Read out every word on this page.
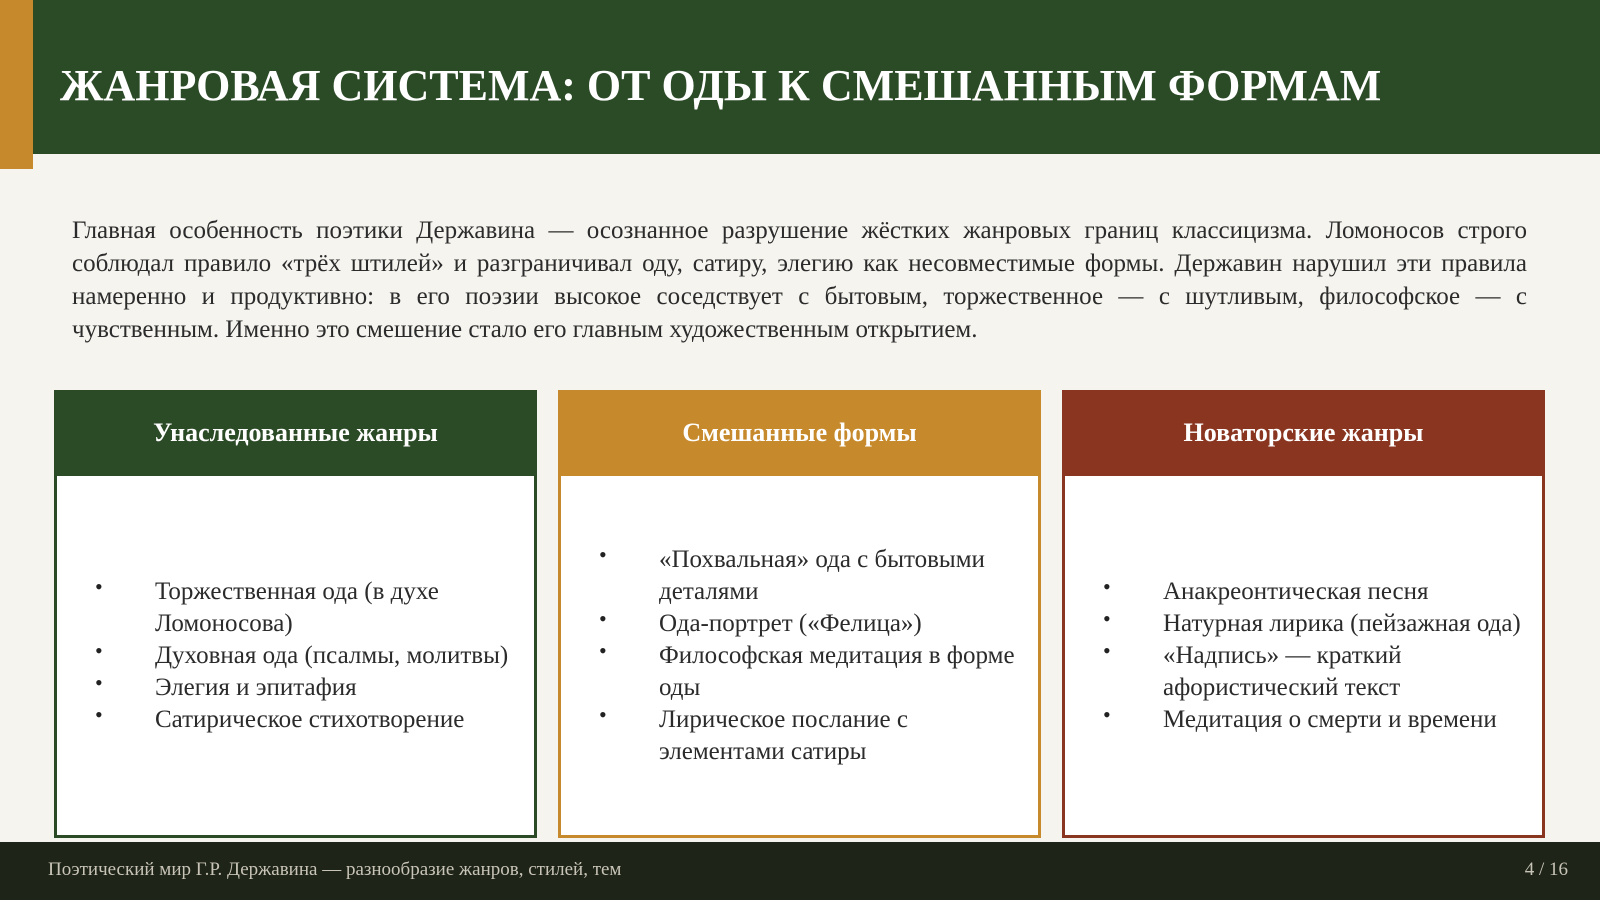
ЖАНРОВАЯ СИСТЕМА: ОТ ОДЫ К СМЕШАННЫМ ФОРМАМ

Главная особенность поэтики Державина — осознанное разрушение жёстких жанровых границ классицизма. Ломоносов строго соблюдал правило «трёх штилей» и разграничивал оду, сатиру, элегию как несовместимые формы. Державин нарушил эти правила намеренно и продуктивно: в его поэзии высокое соседствует с бытовым, торжественное — с шутливым, философское — с чувственным. Именно это смешение стало его главным художественным открытием.

Унаследованные жанры
• Торжественная ода (в духе Ломоносова)
• Духовная ода (псалмы, молитвы)
• Элегия и эпитафия
• Сатирическое стихотворение
Смешанные формы
• «Похвальная» ода с бытовыми деталями
• Ода-портрет («Фелица»)
• Философская медитация в форме оды
• Лирическое послание с элементами сатиры
Новаторские жанры
• Анакреонтическая песня
• Натурная лирика (пейзажная ода)
• «Надпись» — краткий афористический текст
• Медитация о смерти и времени
Поэтический мир Г.Р. Державина — разнообразие жанров, стилей, тем	4 / 16
